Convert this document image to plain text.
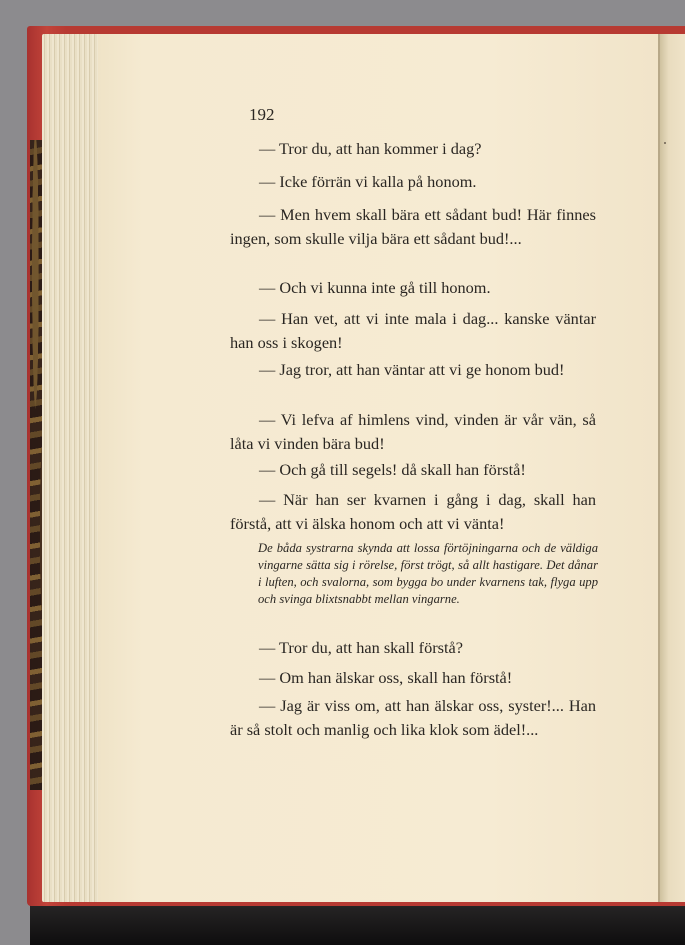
192
— Tror du, att han kommer i dag?
— Icke förrän vi kalla på honom.
— Men hvem skall bära ett sådant bud! Här finnes ingen, som skulle vilja bära ett sådant bud!...
— Och vi kunna inte gå till honom.
— Han vet, att vi inte mala i dag... kanske väntar han oss i skogen!
— Jag tror, att han väntar att vi ge honom bud!
— Vi lefva af himlens vind, vinden är vår vän, så låta vi vinden bära bud!
— Och gå till segels! då skall han förstå!
— När han ser kvarnen i gång i dag, skall han förstå, att vi älska honom och att vi vänta!
De båda systrarna skynda att lossa förtöjningarna och de väldiga vingarne sätta sig i rörelse, först trögt, så allt hastigare. Det dånar i luften, och svalorna, som bygga bo under kvarnens tak, flyga upp och svinga blixtsnabbt mellan vingarne.
— Tror du, att han skall förstå?
— Om han älskar oss, skall han förstå!
— Jag är viss om, att han älskar oss, syster!... Han är så stolt och manlig och lika klok som ädel!...
